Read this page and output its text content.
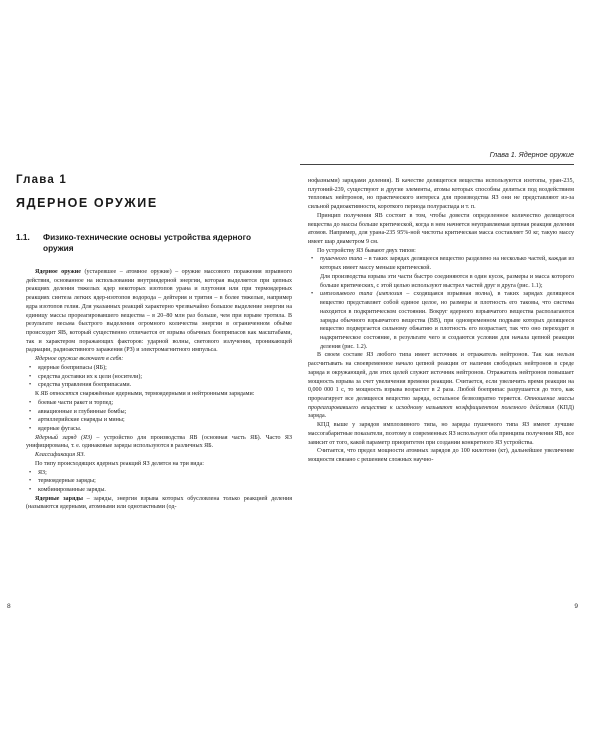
Глава 1
ЯДЕРНОЕ ОРУЖИЕ
1.1. Физико-технические основы устройства ядерного оружия

Ядерное оружие (устаревшее – атомное оружие) – оружие массового поражения взрывного действия, основанное на использовании внутриядерной энергии, которая выделяется при цепных реакциях деления тяжелых ядер некоторых изотопов урана и плутония или при термоядерных реакциях синтеза легких ядер-изотопов водорода – дейтерия и трития – в более тяжелые, например ядра изотопов гелия. Для указанных реакций характерно чрезвычайно большое выделение энергии на единицу массы прореагировавшего вещества – в 20–80 млн раз больше, чем при взрыве тротила. В результате весьма быстрого выделения огромного количества энергии в ограниченном объёме происходит ЯВ, который существенно отличается от взрыва обычных боеприпасов как масштабами, так и характером поражающих факторов: ударной волны, светового излучения, проникающей радиации, радиоактивного заражения (РЗ) и электромагнитного импульса.

Ядерное оружие включает в себя:

• ядерные боеприпасы (ЯБ);
• средства доставки их к цели (носители);
• средства управления боеприпасами.

К ЯБ относятся снаряжённые ядерными, термоядерными и нейтронными зарядами:

• боевые части ракет и торпед;
• авиационные и глубинные бомбы;
• артиллерийские снаряды и мины;
• ядерные фугасы.

Ядерный заряд (ЯЗ) – устройство для производства ЯВ (основная часть ЯБ). Часто ЯЗ унифицированы, т. е. одинаковые заряды используются в различных ЯБ.

Классификация ЯЗ.

По типу происходящих ядерных реакций ЯЗ делятся на три вида:

• ЯЗ;
• термоядерные заряды;
• комбинированные заряды.

Ядерные заряды – заряды, энергия взрыва которых обусловлена только реакцией деления (называются ядерными, атомными или однотактными (од-

8
Глава 1. Ядерное оружие

нофазными) зарядами деления). В качестве делящегося вещества используются изотопы, уран-235, плутоний-239, существуют и другие элементы, атомы которых способны делиться под воздействием тепловых нейтронов, но практического интереса для производства ЯЗ они не представляют из-за сильной радиоактивности, короткого периода полураспада и т. п.

Принцип получения ЯВ состоит в том, чтобы довести определенное количество делящегося вещества до массы больше критической, когда в нем начнется неуправляемая цепная реакция деления атомов. Например, для урана-235 95%-ной чистоты критическая масса составляет 50 кг, такую массу имеет шар диаметром 9 см.

По устройству ЯЗ бывают двух типов:

• пушечного типа – в таких зарядах делящееся вещество разделено на несколько частей, каждая из которых имеет массу меньше критической.

Для производства взрыва эти части быстро соединяются в один кусок, размеры и масса которого больше критических, с этой целью используют выстрел частей друг в друга (рис. 1.1);

• имплозивного типа (имплозия – сходящаяся взрывная волна), в таких зарядах делящееся вещество представляет собой единое целое, но размеры и плотность его таковы, что система находится в подкритическом состоянии. Вокруг ядерного взрывчатого вещества располагаются заряды обычного взрывчатого вещества (ВВ), при одновременном подрыве которых делящееся вещество подвергается сильному обжатию и плотность его возрастает, так что оно переходит в надкритическое состояние, в результате чего и создаются условия для начала цепной реакции деления (рис. 1.2).

В своем составе ЯЗ любого типа имеет источник и отражатель нейтронов. Так как нельзя рассчитывать на своевременное начало цепной реакции от наличия свободных нейтронов в среде заряда и окружающей, для этих целей служит источник нейтронов. Отражатель нейтронов повышает мощность взрыва за счет увеличения времени реакции. Считается, если увеличить время реакции на 0,000 000 1 с, то мощность взрыва возрастет в 2 раза. Любой боеприпас разрушается до того, как прореагирует все делящееся вещество заряда, остальное безвозвратно теряется. Отношение массы прореагировавшего вещества к исходному называют коэффициентом полезного действия (КПД) заряда.

КПД выше у зарядов имплозивного типа, но заряды пушечного типа ЯЗ имеют лучшие массогабаритные показатели, поэтому в современных ЯЗ используют оба принципа получения ЯВ, все зависит от того, какой параметр приоритетен при создании конкретного ЯЗ устройства.

Считается, что предел мощности атомных зарядов до 100 килотонн (кт), дальнейшее увеличение мощности связано с решением сложных научно-

9
